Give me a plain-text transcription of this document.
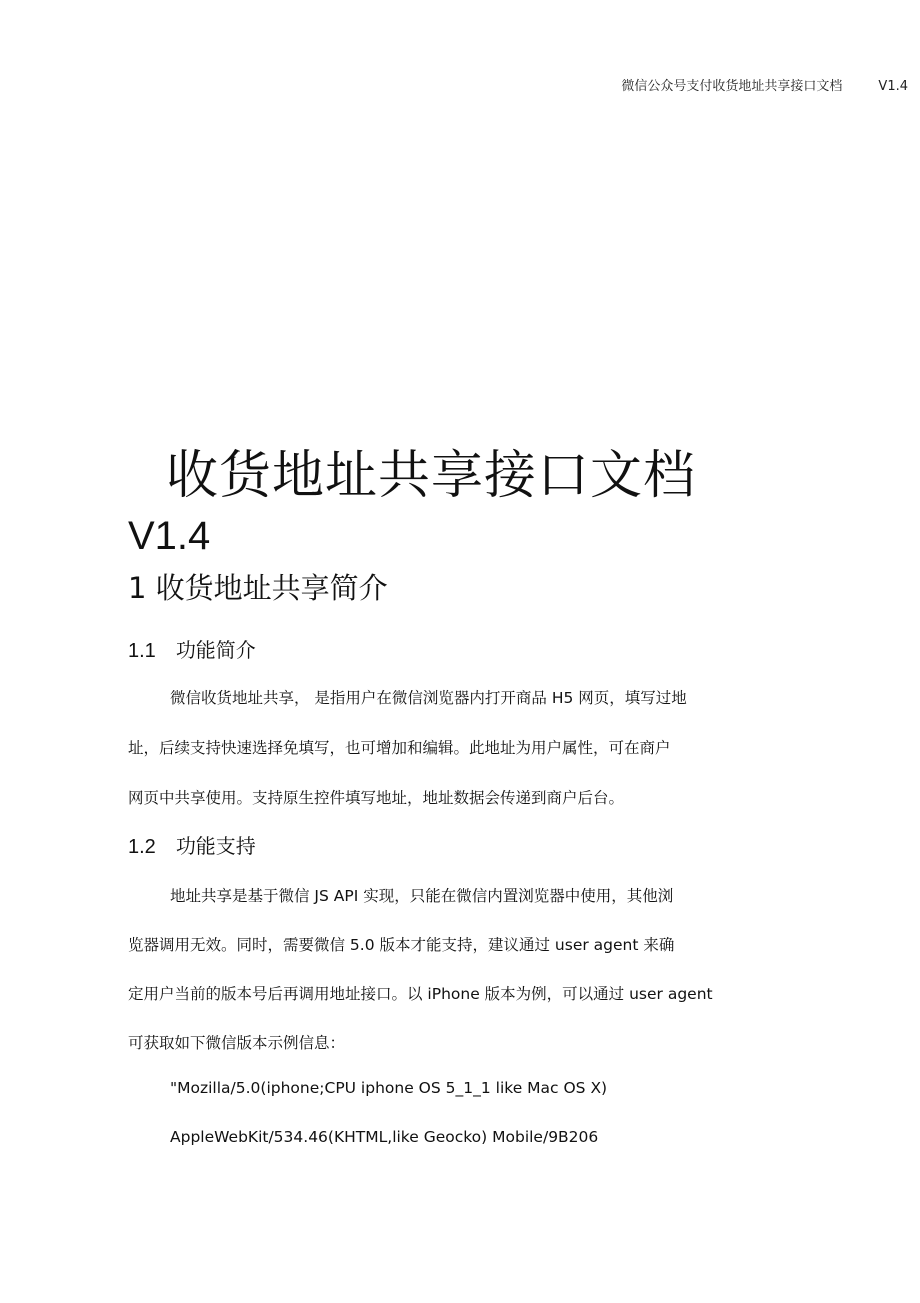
微信公众号支付收货地址共享接口文档	V1.4
收货地址共享接口文档
V1.4
1 收货地址共享简介
1.1 功能简介
微信收货地址共享， 是指用户在微信浏览器内打开商品 H5 网页，填写过地
址，后续支持快速选择免填写，也可增加和编辑。此地址为用户属性，可在商户
网页中共享使用。支持原生控件填写地址，地址数据会传递到商户后台。
1.2 功能支持
地址共享是基于微信 JS API 实现，只能在微信内置浏览器中使用，其他浏
览器调用无效。同时，需要微信 5.0 版本才能支持，建议通过 user agent 来确
定用户当前的版本号后再调用地址接口。以 iPhone 版本为例，可以通过 user agent
可获取如下微信版本示例信息：
"Mozilla/5.0(iphone;CPU iphone OS 5_1_1 like Mac OS X)
AppleWebKit/534.46(KHTML,like Geocko) Mobile/9B206
